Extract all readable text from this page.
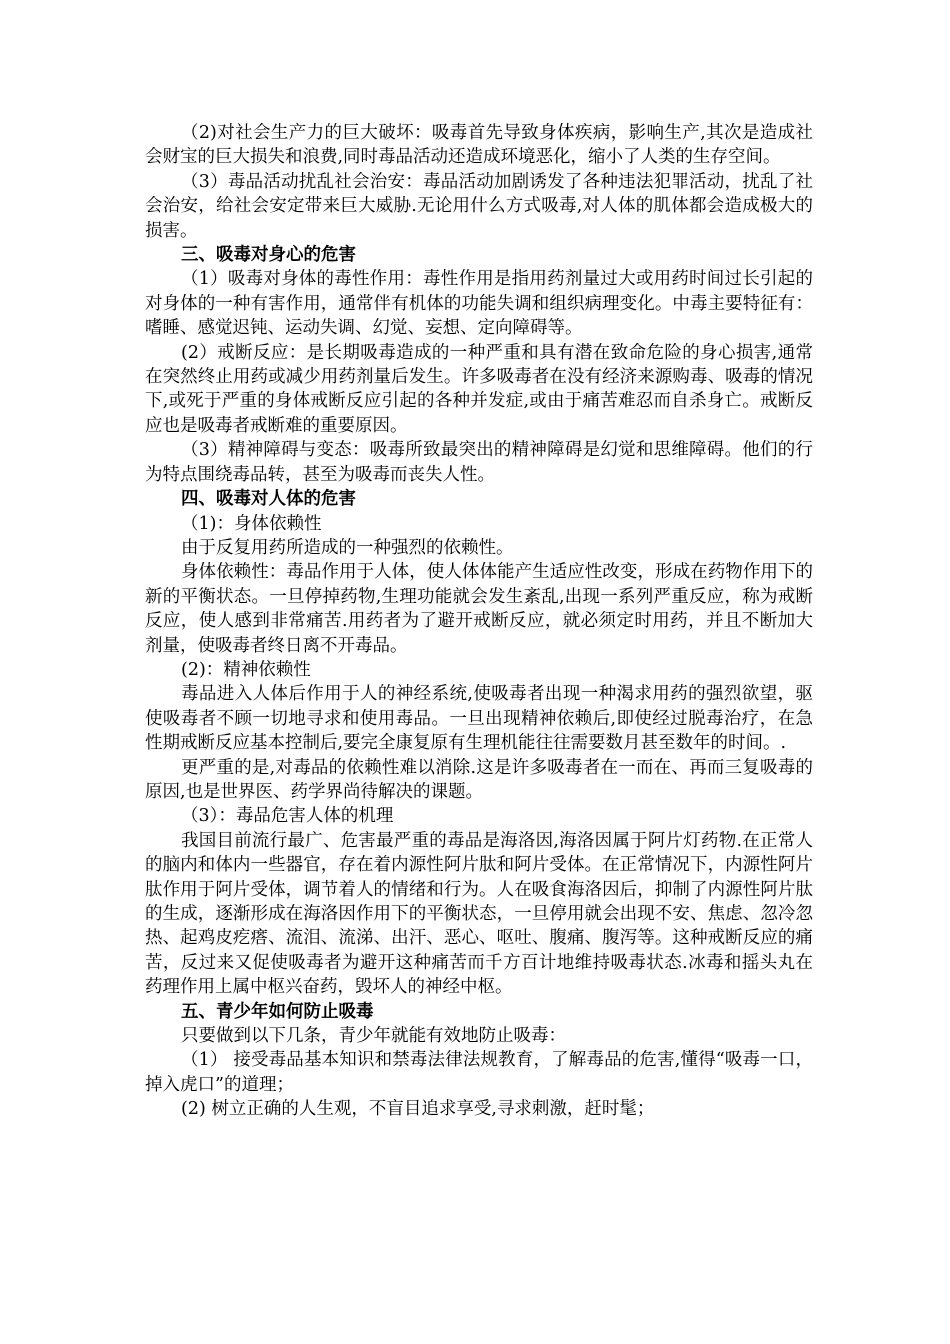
（2)对社会生产力的巨大破坏：吸毒首先导致身体疾病，影响生产,其次是造成社会财宝的巨大损失和浪费,同时毒品活动还造成环境恶化，缩小了人类的生存空间。

（3）毒品活动扰乱社会治安：毒品活动加剧诱发了各种违法犯罪活动，扰乱了社会治安，给社会安定带来巨大威胁.无论用什么方式吸毒,对人体的肌体都会造成极大的损害。

三、吸毒对身心的危害

（1）吸毒对身体的毒性作用：毒性作用是指用药剂量过大或用药时间过长引起的对身体的一种有害作用，通常伴有机体的功能失调和组织病理变化。中毒主要特征有：嗜睡、感觉迟钝、运动失调、幻觉、妄想、定向障碍等。

(2）戒断反应：是长期吸毒造成的一种严重和具有潜在致命危险的身心损害,通常在突然终止用药或减少用药剂量后发生。许多吸毒者在没有经济来源购毒、吸毒的情况下,或死于严重的身体戒断反应引起的各种并发症,或由于痛苦难忍而自杀身亡。戒断反应也是吸毒者戒断难的重要原因。

（3）精神障碍与变态：吸毒所致最突出的精神障碍是幻觉和思维障碍。他们的行为特点围绕毒品转，甚至为吸毒而丧失人性。

四、吸毒对人体的危害

（1)：身体依赖性

由于反复用药所造成的一种强烈的依赖性。

身体依赖性：毒品作用于人体，使人体体能产生适应性改变，形成在药物作用下的新的平衡状态。一旦停掉药物,生理功能就会发生紊乱,出现一系列严重反应，称为戒断反应，使人感到非常痛苦.用药者为了避开戒断反应，就必须定时用药，并且不断加大剂量，使吸毒者终日离不开毒品。

(2)：精神依赖性

毒品进入人体后作用于人的神经系统,使吸毒者出现一种渴求用药的强烈欲望，驱使吸毒者不顾一切地寻求和使用毒品。一旦出现精神依赖后,即使经过脱毒治疗，在急性期戒断反应基本控制后,要完全康复原有生理机能往往需要数月甚至数年的时间。.

更严重的是,对毒品的依赖性难以消除.这是许多吸毒者在一而在、再而三复吸毒的原因,也是世界医、药学界尚待解决的课题。

（3）：毒品危害人体的机理

我国目前流行最广、危害最严重的毒品是海洛因,海洛因属于阿片灯药物.在正常人的脑内和体内一些器官，存在着内源性阿片肽和阿片受体。在正常情况下，内源性阿片肽作用于阿片受体，调节着人的情绪和行为。人在吸食海洛因后，抑制了内源性阿片肽的生成，逐渐形成在海洛因作用下的平衡状态，一旦停用就会出现不安、焦虑、忽冷忽热、起鸡皮疙瘩、流泪、流涕、出汗、恶心、呕吐、腹痛、腹泻等。这种戒断反应的痛苦，反过来又促使吸毒者为避开这种痛苦而千方百计地维持吸毒状态.冰毒和摇头丸在药理作用上属中枢兴奋药，毁坏人的神经中枢。

五、青少年如何防止吸毒

只要做到以下几条，青少年就能有效地防止吸毒：

（1） 接受毒品基本知识和禁毒法律法规教育，了解毒品的危害,懂得“吸毒一口，掉入虎口”的道理；

(2) 树立正确的人生观，不盲目追求享受,寻求刺激，赶时髦；
